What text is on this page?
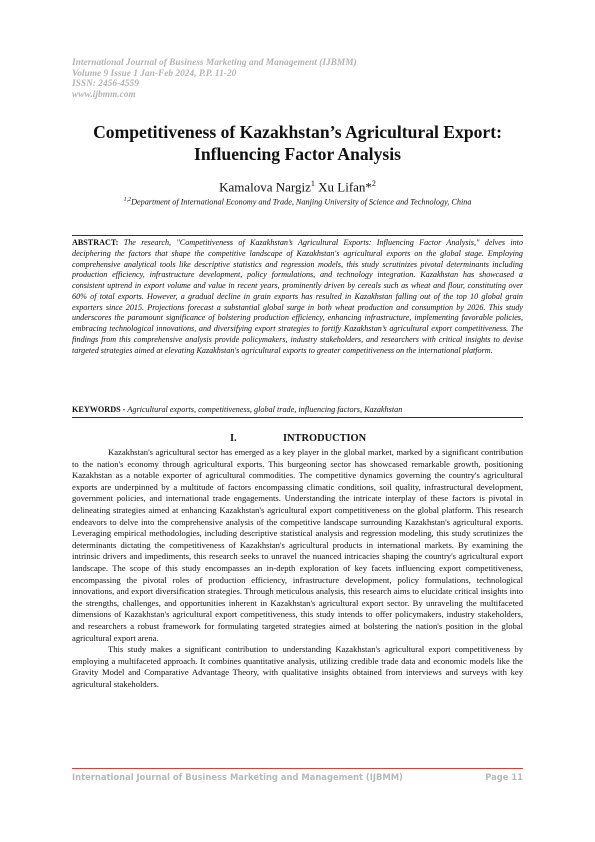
International Journal of Business Marketing and Management (IJBMM)
Volume 9 Issue 1 Jan-Feb 2024, P.P. 11-20
ISSN: 2456-4559
www.ijbmm.com
Competitiveness of Kazakhstan’s Agricultural Export:
Influencing Factor Analysis
Kamalova Nargiz$^1$ Xu Lifan*$^2$
$^{1,2}$Department of International Economy and Trade, Nanjing University of Science and Technology, China
ABSTRACT: The research, "Competitiveness of Kazakhstan’s Agricultural Exports: Influencing Factor Analysis," delves into deciphering the factors that shape the competitive landscape of Kazakhstan's agricultural exports on the global stage. Employing comprehensive analytical tools like descriptive statistics and regression models, this study scrutinizes pivotal determinants including production efficiency, infrastructure development, policy formulations, and technology integration. Kazakhstan has showcased a consistent uptrend in export volume and value in recent years, prominently driven by cereals such as wheat and flour, constituting over 60% of total exports. However, a gradual decline in grain exports has resulted in Kazakhstan falling out of the top 10 global grain exporters since 2015. Projections forecast a substantial global surge in both wheat production and consumption by 2026. This study underscores the paramount significance of bolstering production efficiency, enhancing infrastructure, implementing favorable policies, embracing technological innovations, and diversifying export strategies to fortify Kazakhstan’s agricultural export competitiveness. The findings from this comprehensive analysis provide policymakers, industry stakeholders, and researchers with critical insights to devise targeted strategies aimed at elevating Kazakhstan's agricultural exports to greater competitiveness on the international platform.
KEYWORDS - Agricultural exports, competitiveness, global trade, influencing factors, Kazakhstan
I.	INTRODUCTION

Kazakhstan's agricultural sector has emerged as a key player in the global market, marked by a significant contribution to the nation's economy through agricultural exports. This burgeoning sector has showcased remarkable growth, positioning Kazakhstan as a notable exporter of agricultural commodities. The competitive dynamics governing the country's agricultural exports are underpinned by a multitude of factors encompassing climatic conditions, soil quality, infrastructural development, government policies, and international trade engagements. Understanding the intricate interplay of these factors is pivotal in delineating strategies aimed at enhancing Kazakhstan's agricultural export competitiveness on the global platform. This research endeavors to delve into the comprehensive analysis of the competitive landscape surrounding Kazakhstan's agricultural exports. Leveraging empirical methodologies, including descriptive statistical analysis and regression modeling, this study scrutinizes the determinants dictating the competitiveness of Kazakhstan's agricultural products in international markets. By examining the intrinsic drivers and impediments, this research seeks to unravel the nuanced intricacies shaping the country's agricultural export landscape. The scope of this study encompasses an in-depth exploration of key facets influencing export competitiveness, encompassing the pivotal roles of production efficiency, infrastructure development, policy formulations, technological innovations, and export diversification strategies. Through meticulous analysis, this research aims to elucidate critical insights into the strengths, challenges, and opportunities inherent in Kazakhstan's agricultural export sector. By unraveling the multifaceted dimensions of Kazakhstan's agricultural export competitiveness, this study intends to offer policymakers, industry stakeholders, and researchers a robust framework for formulating targeted strategies aimed at bolstering the nation's position in the global agricultural export arena.

This study makes a significant contribution to understanding Kazakhstan's agricultural export competitiveness by employing a multifaceted approach. It combines quantitative analysis, utilizing credible trade data and economic models like the Gravity Model and Comparative Advantage Theory, with qualitative insights obtained from interviews and surveys with key agricultural stakeholders.

International Journal of Business Marketing and Management (IJBMM)	Page 11
